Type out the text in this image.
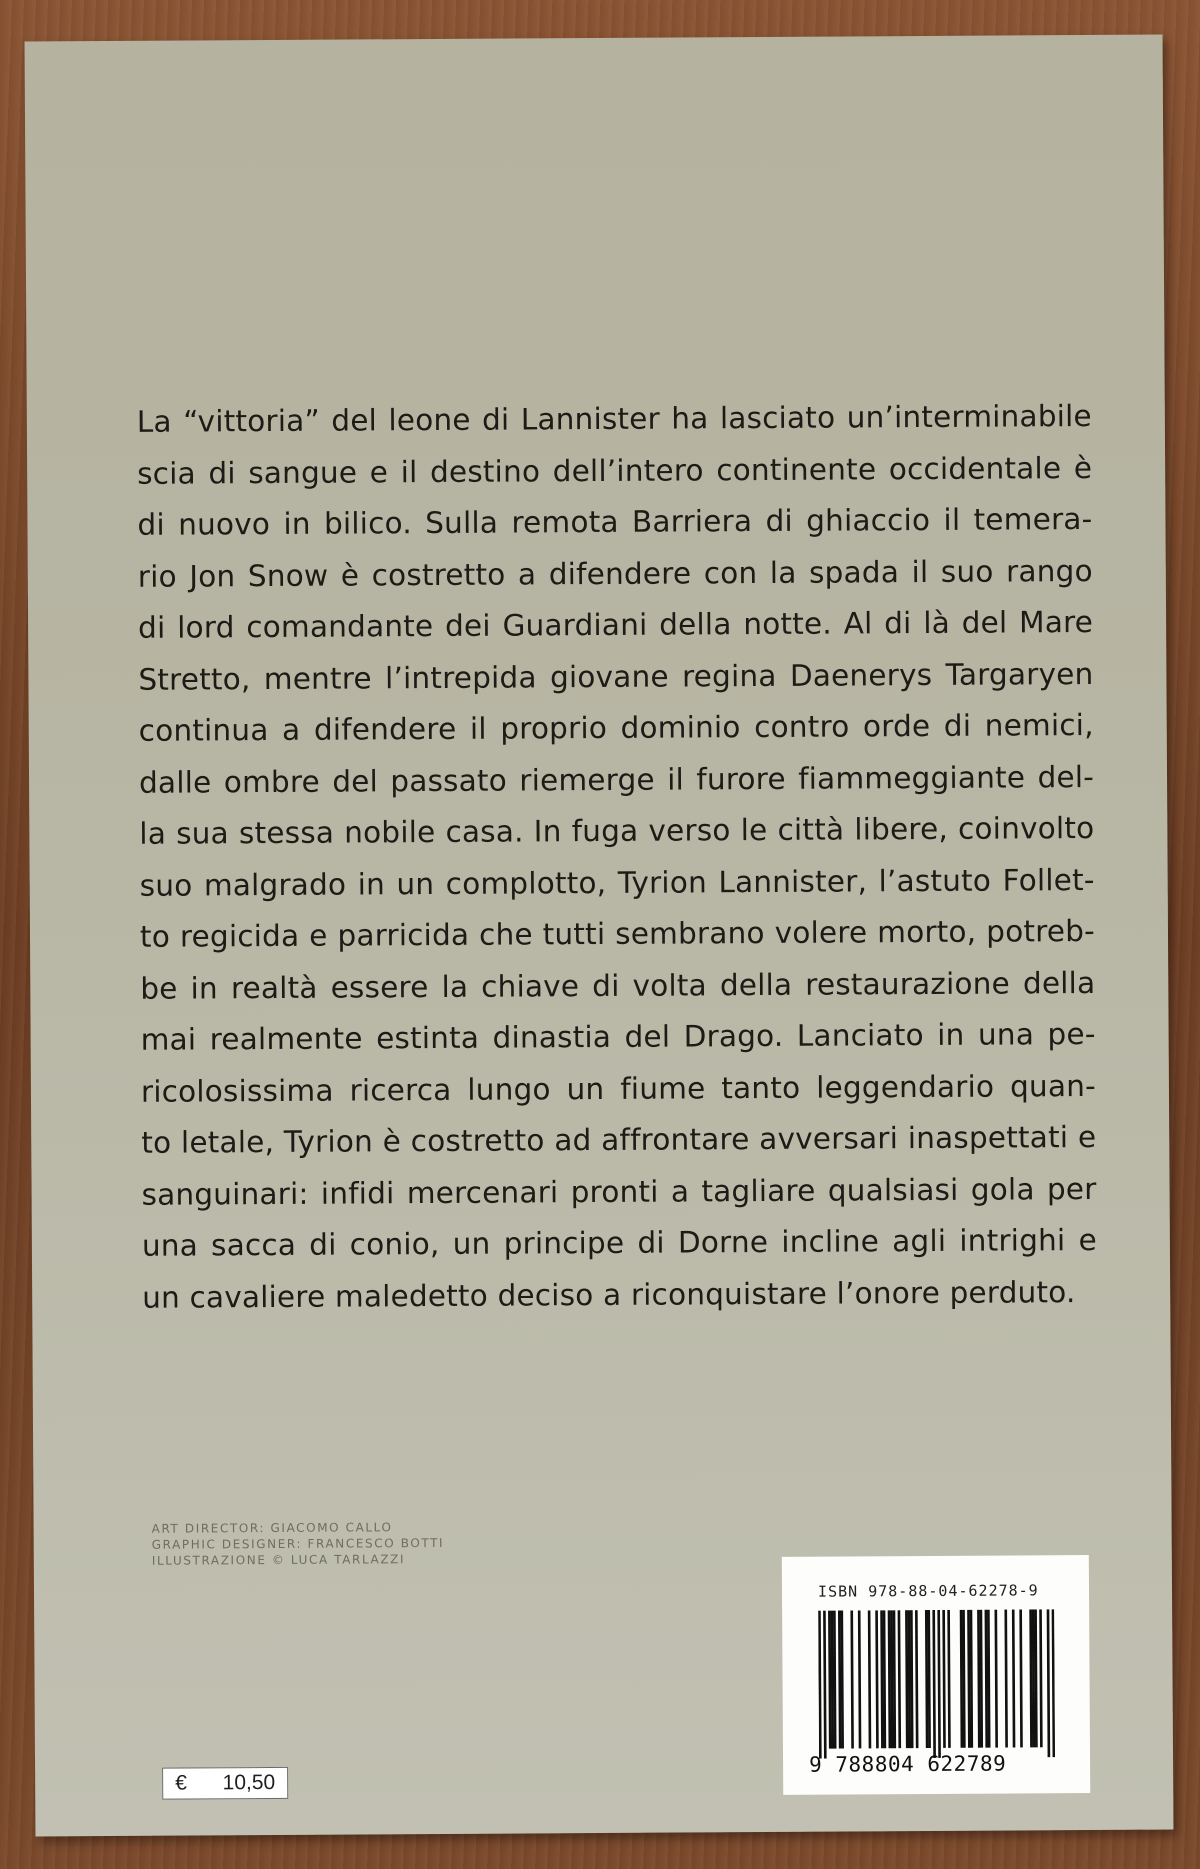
La “vittoria” del leone di Lannister ha lasciato un’interminabile
scia di sangue e il destino dell’intero continente occidentale è
di nuovo in bilico. Sulla remota Barriera di ghiaccio il temera-
rio Jon Snow è costretto a difendere con la spada il suo rango
di lord comandante dei Guardiani della notte. Al di là del Mare
Stretto, mentre l’intrepida giovane regina Daenerys Targaryen
continua a difendere il proprio dominio contro orde di nemici,
dalle ombre del passato riemerge il furore fiammeggiante del-
la sua stessa nobile casa. In fuga verso le città libere, coinvolto
suo malgrado in un complotto, Tyrion Lannister, l’astuto Follet-
to regicida e parricida che tutti sembrano volere morto, potreb-
be in realtà essere la chiave di volta della restaurazione della
mai realmente estinta dinastia del Drago. Lanciato in una pe-
ricolosissima ricerca lungo un fiume tanto leggendario quan-
to letale, Tyrion è costretto ad affrontare avversari inaspettati e
sanguinari: infidi mercenari pronti a tagliare qualsiasi gola per
una sacca di conio, un principe di Dorne incline agli intrighi e
un cavaliere maledetto deciso a riconquistare l’onore perduto.

ART DIRECTOR: GIACOMO CALLO
GRAPHIC DESIGNER: FRANCESCO BOTTI
ILLUSTRAZIONE © LUCA TARLAZZI
€ 10,50
ISBN 978-88-04-62278-9
9 788804 622789
